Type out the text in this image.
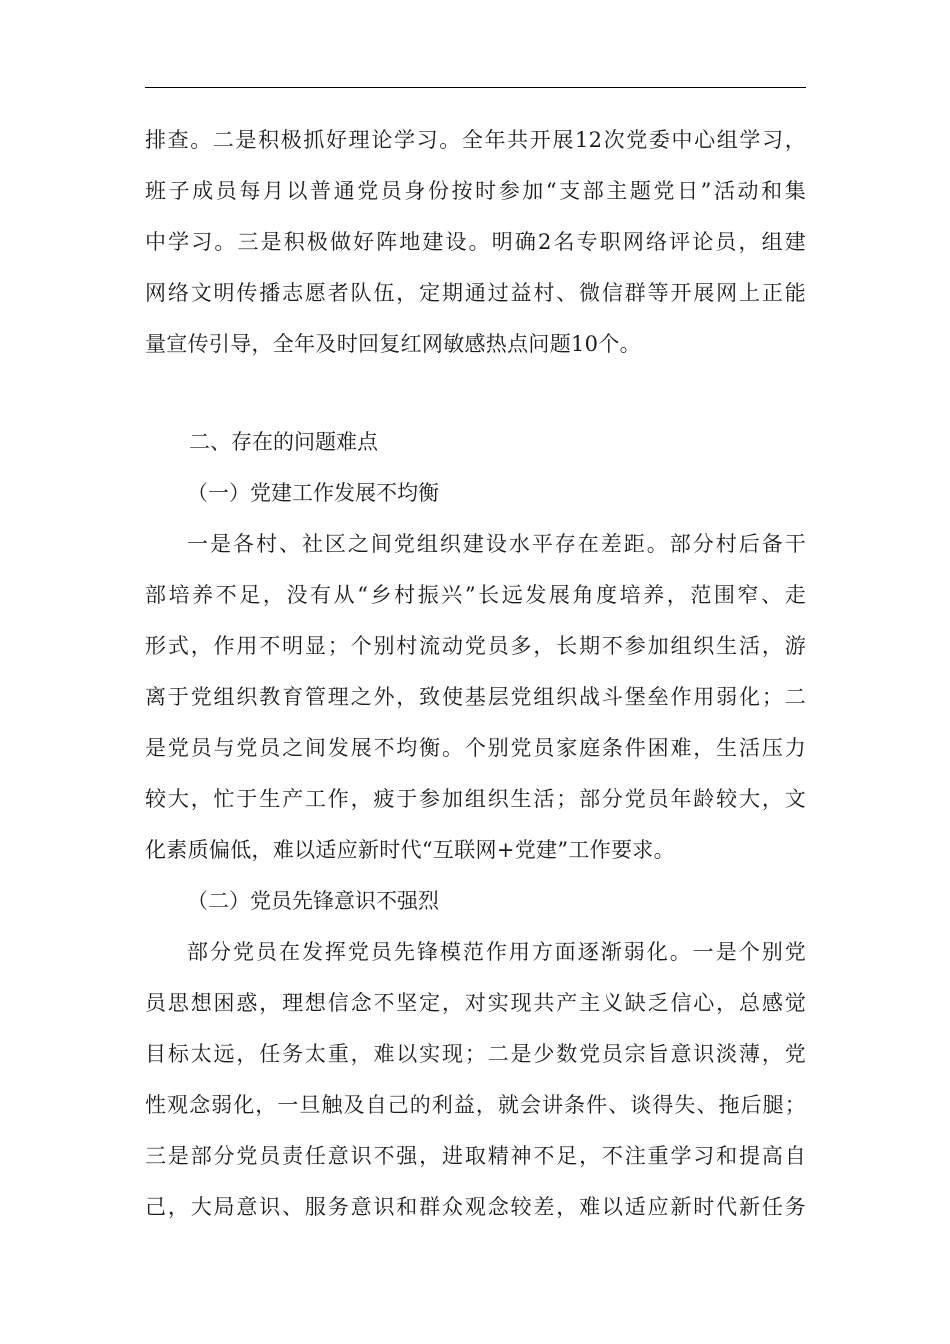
排查。二是积极抓好理论学习。全年共开展12次党委中心组学习，
班子成员每月以普通党员身份按时参加“支部主题党日”活动和集
中学习。三是积极做好阵地建设。明确2名专职网络评论员，组建
网络文明传播志愿者队伍，定期通过益村、微信群等开展网上正能
量宣传引导，全年及时回复红网敏感热点问题10个。
二、存在的问题难点
（一）党建工作发展不均衡
一是各村、社区之间党组织建设水平存在差距。部分村后备干
部培养不足，没有从“乡村振兴”长远发展角度培养，范围窄、走
形式，作用不明显；个别村流动党员多，长期不参加组织生活，游
离于党组织教育管理之外，致使基层党组织战斗堡垒作用弱化；二
是党员与党员之间发展不均衡。个别党员家庭条件困难，生活压力
较大，忙于生产工作，疲于参加组织生活；部分党员年龄较大，文
化素质偏低，难以适应新时代“互联网+党建”工作要求。
（二）党员先锋意识不强烈
部分党员在发挥党员先锋模范作用方面逐渐弱化。一是个别党
员思想困惑，理想信念不坚定，对实现共产主义缺乏信心，总感觉
目标太远，任务太重，难以实现；二是少数党员宗旨意识淡薄，党
性观念弱化，一旦触及自己的利益，就会讲条件、谈得失、拖后腿；
三是部分党员责任意识不强，进取精神不足，不注重学习和提高自
己，大局意识、服务意识和群众观念较差，难以适应新时代新任务
